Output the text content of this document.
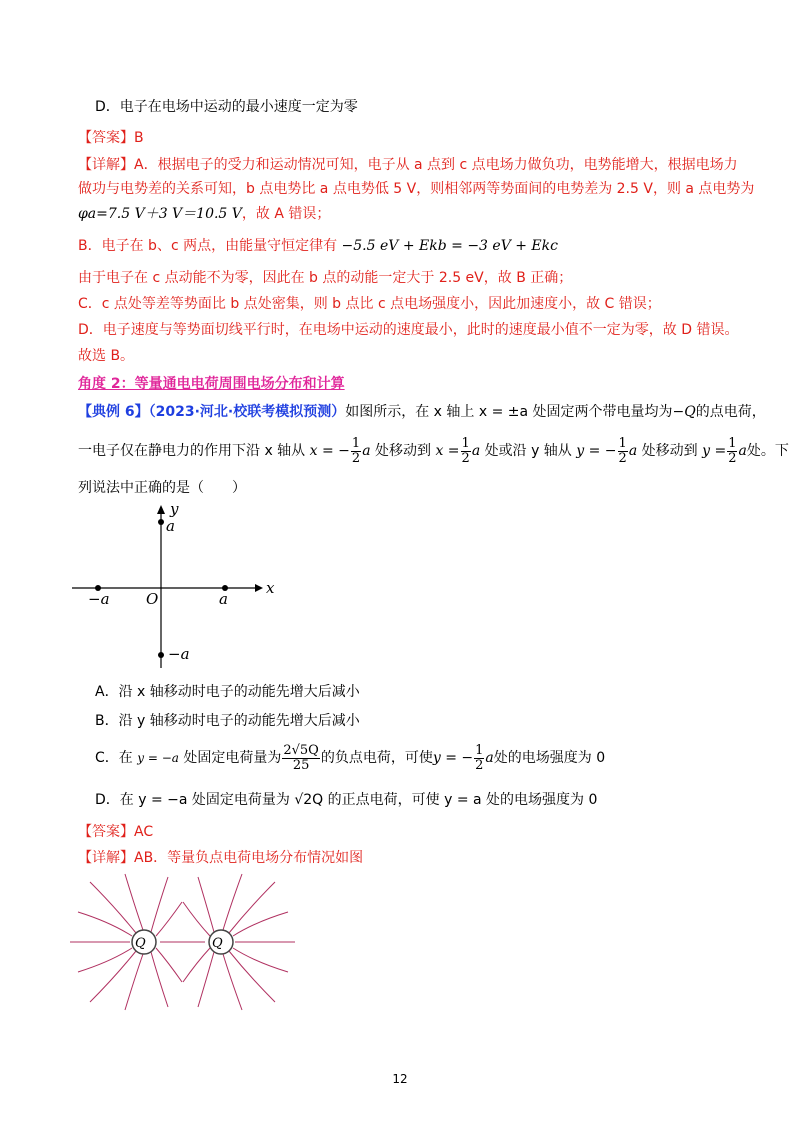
D．电子在电场中运动的最小速度一定为零
【答案】B
【详解】A．根据电子的受力和运动情况可知，电子从 a 点到 c 点电场力做负功，电势能增大，根据电场力
做功与电势差的关系可知，b 点电势比 a 点电势低 5 V，则相邻两等势面间的电势差为 2.5 V，则 a 点电势为
φa=7.5 V＋3 V＝10.5 V，故 A 错误；
B．电子在 b、c 两点，由能量守恒定律有 −5.5 eV + Ekb = −3 eV + Ekc
由于电子在 c 点动能不为零，因此在 b 点的动能一定大于 2.5 eV，故 B 正确；
C．c 点处等差等势面比 b 点处密集，则 b 点比 c 点电场强度小，因此加速度小，故 C 错误；
D．电子速度与等势面切线平行时，在电场中运动的速度最小，此时的速度最小值不一定为零，故 D 错误。
故选 B。
角度 2：等量通电电荷周围电场分布和计算
【典例 6】（2023·河北·校联考模拟预测）如图所示，在 x 轴上 x = ±a 处固定两个带电量均为−Q的点电荷，
一电子仅在静电力的作用下沿 x 轴从 x = − $\frac{1}{2}$ a 处移动到 $x = \frac{1}{2}$ a 处或沿 y 轴从 y = − $\frac{1}{2}$ a 处移动到 $y = \frac{1}{2}$ a处。下
列说法中正确的是（　　）
x
y
O	a
−a
a
−a
A．沿 x 轴移动时电子的动能先增大后减小
B．沿 y 轴移动时电子的动能先增大后减小
C．在 y = −a 处固定电荷量为 $\frac{2√5Q}{25}$ 的负点电荷，可使y = − $\frac{1}{2}$ a处的电场强度为 0
D．在 y = −a 处固定电荷量为 √2Q 的正点电荷，可使 y = a 处的电场强度为 0
【答案】AC
【详解】AB．等量负点电荷电场分布情况如图
Q	Q
12
